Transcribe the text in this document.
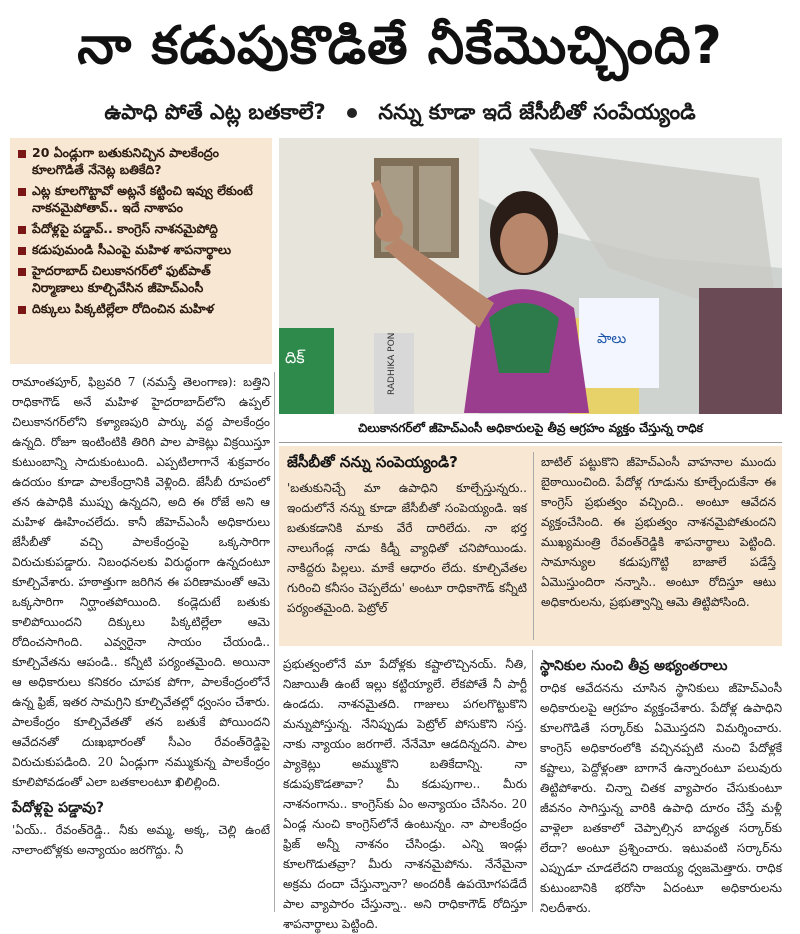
నా కడుపుకొడితే నీకేమొచ్చింది?
ఉపాధి పోతే ఎట్ల బతకాలే?	నన్ను కూడా ఇదే జేసీబీతో సంపేయ్యండి
20 ఏండ్లుగా బతుకునిచ్చిన పాలకేంద్రం కూలగొడితే నేనెట్ల బతికేది?
ఎట్ల కూలగొట్టావో అట్లనే కట్టించి ఇవ్వు లేకుంటే నాకనమైపోతావ్.. ఇదే నాశాపం
పేదోళ్లపై పడ్డావ్.. కాంగ్రెస్ నాశనమైపోద్ది
కడుపుమండి సీఎంపై మహిళ శాపనార్థాలు
హైదరాబాద్ చిలుకానగర్‌లో ఫుట్‌పాత్ నిర్మాణాలు కూల్చివేసిన జీహెచ్ఎంసీ
దిక్కులు పిక్కటిల్లేలా రోదించిన మహిళ
దిక్	RADHIKA PON	పాలు
చిలుకానగర్‌లో జీహెచ్ఎంసీ అధికారులపై తీవ్ర ఆగ్రహం వ్యక్తం చేస్తున్న రాధిక

రామాంతపూర్, ఫిబ్రవరి 7 (నమస్తే తెలంగాణ): బత్తిని రాధికాగౌడ్ అనే మహిళ హైదరాబాద్‌లోని ఉప్పల్ చిలుకానగర్‌లోని కళ్యాణపురి పార్కు వద్ద పాలకేంద్రం ఉన్నది. రోజూ ఇంటింటికి తిరిగి పాల పాకెట్లు విక్రయిస్తూ కుటుంబాన్ని సాదుకుంటుంది. ఎప్పటిలాగానే శుక్రవారం ఉదయం కూడా పాలకేంద్రానికి వెళ్లింది. జేసీబీ రూపంలో తన ఉపాధికి ముప్పు ఉన్నదని, అది ఈ రోజే అని ఆ మహిళ ఊహించలేదు. కానీ జీహెచ్ఎంసీ అధికారులు జేసీబీతో వచ్చి పాలకేంద్రంపై ఒక్కసారిగా విరుచుకుపడ్డారు. నిబంధనలకు విరుద్ధంగా ఉన్నదంటూ కూల్చివేశారు. హఠాత్తుగా జరిగిన ఈ పరిణామంతో ఆమె ఒక్కసారిగా నిర్ఘాంతపోయింది. కండ్లెదుటే బతుకు కాలిపోయిందని దిక్కులు పిక్కటిల్లేలా ఆమె రోదించసాగింది. ఎవ్వరైనా సాయం చేయండి.. కూల్చివేతను ఆపండి.. కన్నీటి పర్యంతమైంది. అయినా ఆ అధికారులు కనికరం చూపక పోగా, పాలకేంద్రంలోనే ఉన్న ఫ్రిజ్, ఇతర సామగ్రిని కూల్చివేతల్లో ధ్వంసం చేశారు. పాలకేంద్రం కూల్చివేతతో తన బతుకే పోయిందని ఆవేదనతో దుఃఖభారంతో సీఎం రేవంత్‌రెడ్డిపై విరుచుకుపడింది. 20 ఏండ్లుగా నమ్ముకున్న పాలకేంద్రం కూలిపోవడంతో ఎలా బతకాలంటూ ఖిలిల్లింది.

పేదోళ్లపై పడ్డావు?

'ఏయ్.. రేవంత్‌రెడ్డి.. నీకు అమ్మ, అక్క, చెల్లి ఉంటే నాలాంటోళ్లకు అన్యాయం జరగొద్దు. నీ

జేసీబీతో నన్ను సంపెయ్యండి?
'బతుకునిచ్చే మా ఉపాధిని కూల్చేస్తున్నరు.. ఇందులోనే నన్ను కూడా జేసీబీతో సంపెయ్యండి. ఇక బతుకడానికి మాకు వేరే దారిలేదు. నా భర్త నాలుగేండ్ల నాడు కిడ్నీ వ్యాధితో చనిపోయిండు. నాకిద్దరు పిల్లలు. మాకే ఆధారం లేదు. కూల్చివేతల గురించి కనీసం చెప్పలేదు' అంటూ రాధికాగౌడ్ కన్నీటి పర్యంతమైంది. పెట్రోల్
బాటిల్ పట్టుకొని జీహెచ్ఎంసీ వాహనాల ముందు బైఠాయించింది. పేదోళ్ల గూడును కూల్చేందుకేనా ఈ కాంగ్రెస్ ప్రభుత్వం వచ్చింది.. అంటూ ఆవేదన వ్యక్తంచేసింది. ఈ ప్రభుత్వం నాశనమైపోతుందని ముఖ్యమంత్రి రేవంత్‌రెడ్డికి శాపనార్థాలు పెట్టింది. సామాన్యుల కడుపుగొట్టి బాజాలే పడేస్తే ఏమొస్తుందిరా నన్నాసి.. అంటూ రోదిస్తూ ఆటు అధికారులను, ప్రభుత్వాన్ని ఆమె తిట్టిపోసింది.
ప్రభుత్వంలోనే మా పేదోళ్లకు కష్టాలొచ్చినయ్. నీతి, నిజాయితీ ఉంటే ఇల్లు కట్టియ్యాలే. లేకపోతే నీ పార్టీ ఉండదు. నాశనమైతది. గాజులు పగలగొట్టుకొని మన్నుపోస్తున్న. నేనిప్పుడు పెట్రోల్ పోసుకొని సస్త. నాకు న్యాయం జరగాలే. నేనేమో ఆడదిన్నదని. పాల ప్యాకెట్లు అమ్ముకొని బతికేదాన్ని. నా కడుపుకొడతావా? మీ కడుపుగాల.. మీరు నాశనంగాను.. కాంగ్రెస్‌కు ఏం అన్యాయం చేసినం. 20 ఏండ్ల నుంచి కాంగ్రెస్‌లోనే ఉంటున్నం. నా పాలకేంద్రం ఫ్రిజ్ అన్నీ నాశనం చేసిండ్రు. ఎన్ని ఇండ్లు కూలగొడుతవ్రా? మీరు నాశనమైపోను. నేనేమైనా అక్రమ దందా చేస్తున్నానా? అందరికీ ఉపయోగపడేదే పాల వ్యాపారం చేస్తున్నా.. అని రాధికాగౌడ్ రోదిస్తూ శాపనార్థాలు పెట్టింది.
స్థానికుల నుంచి తీవ్ర అభ్యంతరాలు

రాధిక ఆవేదనను చూసిన స్థానికులు జీహెచ్ఎంసీ అధికారులపై ఆగ్రహం వ్యక్తంచేశారు. పేదోళ్ల ఉపాధిని కూలగొడితే సర్కార్‌కు ఏమొస్తదని విమర్శించారు. కాంగ్రెస్ అధికారంలోకి వచ్చినప్పటి నుంచి పేదోళ్లకే కష్టాలు, పెద్దోళ్లంతా బాగానే ఉన్నారంటూ పలువురు తిట్టిపోశారు. చిన్నా చితక వ్యాపారం చేసుకుంటూ జీవనం సాగిస్తున్న వారికి ఉపాధి దూరం చేస్తే మళ్లీ వాళ్లెలా బతకాలో చెప్పాల్సిన బాధ్యత సర్కార్‌కు లేదా? అంటూ ప్రశ్నించారు. ఇటువంటి సర్కార్‌ను ఎప్పుడూ చూడలేదని రాజయ్య ధ్వజమెత్తారు. రాధిక కుటుంబానికి భరోసా ఏదంటూ అధికారులను నిలదీశారు.
